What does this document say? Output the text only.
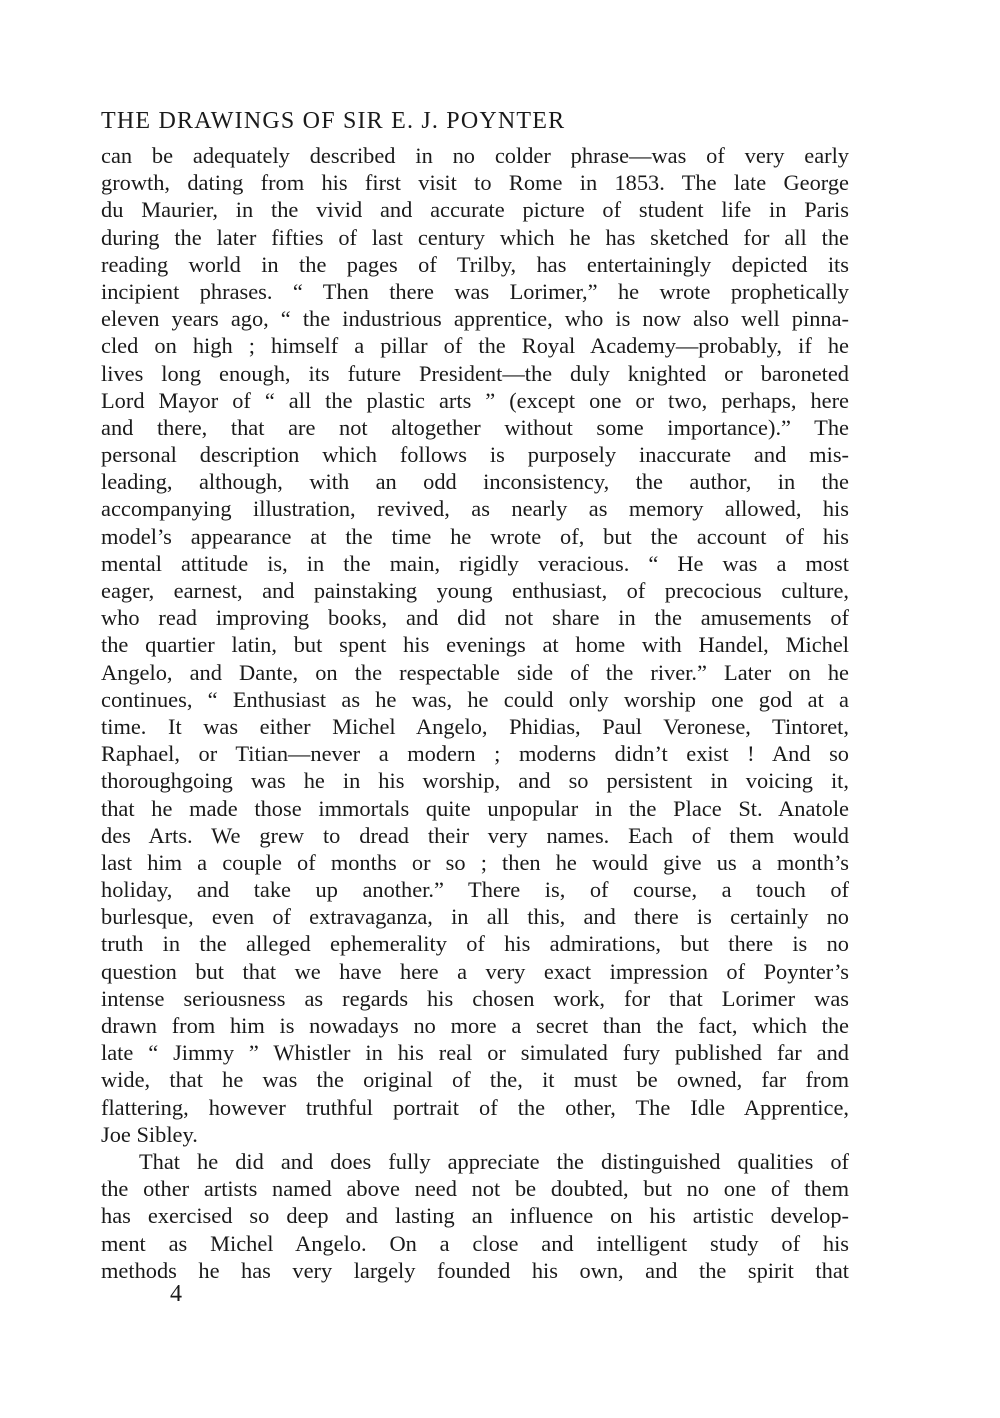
THE DRAWINGS OF SIR E. J. POYNTER
can be adequately described in no colder phrase—was of very early
growth, dating from his first visit to Rome in 1853. The late George
du Maurier, in the vivid and accurate picture of student life in Paris
during the later fifties of last century which he has sketched for all the
reading world in the pages of Trilby, has entertainingly depicted its
incipient phrases. “ Then there was Lorimer,” he wrote prophetically
eleven years ago, “ the industrious apprentice, who is now also well pinna-
cled on high ; himself a pillar of the Royal Academy—probably, if he
lives long enough, its future President—the duly knighted or baroneted
Lord Mayor of “ all the plastic arts ” (except one or two, perhaps, here
and there, that are not altogether without some importance).” The
personal description which follows is purposely inaccurate and mis-
leading, although, with an odd inconsistency, the author, in the
accompanying illustration, revived, as nearly as memory allowed, his
model’s appearance at the time he wrote of, but the account of his
mental attitude is, in the main, rigidly veracious. “ He was a most
eager, earnest, and painstaking young enthusiast, of precocious culture,
who read improving books, and did not share in the amusements of
the quartier latin, but spent his evenings at home with Handel, Michel
Angelo, and Dante, on the respectable side of the river.” Later on he
continues, “ Enthusiast as he was, he could only worship one god at a
time. It was either Michel Angelo, Phidias, Paul Veronese, Tintoret,
Raphael, or Titian—never a modern ; moderns didn’t exist ! And so
thoroughgoing was he in his worship, and so persistent in voicing it,
that he made those immortals quite unpopular in the Place St. Anatole
des Arts. We grew to dread their very names. Each of them would
last him a couple of months or so ; then he would give us a month’s
holiday, and take up another.” There is, of course, a touch of
burlesque, even of extravaganza, in all this, and there is certainly no
truth in the alleged ephemerality of his admirations, but there is no
question but that we have here a very exact impression of Poynter’s
intense seriousness as regards his chosen work, for that Lorimer was
drawn from him is nowadays no more a secret than the fact, which the
late “ Jimmy ” Whistler in his real or simulated fury published far and
wide, that he was the original of the, it must be owned, far from
flattering, however truthful portrait of the other, The Idle Apprentice,
Joe Sibley.
That he did and does fully appreciate the distinguished qualities of
the other artists named above need not be doubted, but no one of them
has exercised so deep and lasting an influence on his artistic develop-
ment as Michel Angelo. On a close and intelligent study of his
methods he has very largely founded his own, and the spirit that
4
